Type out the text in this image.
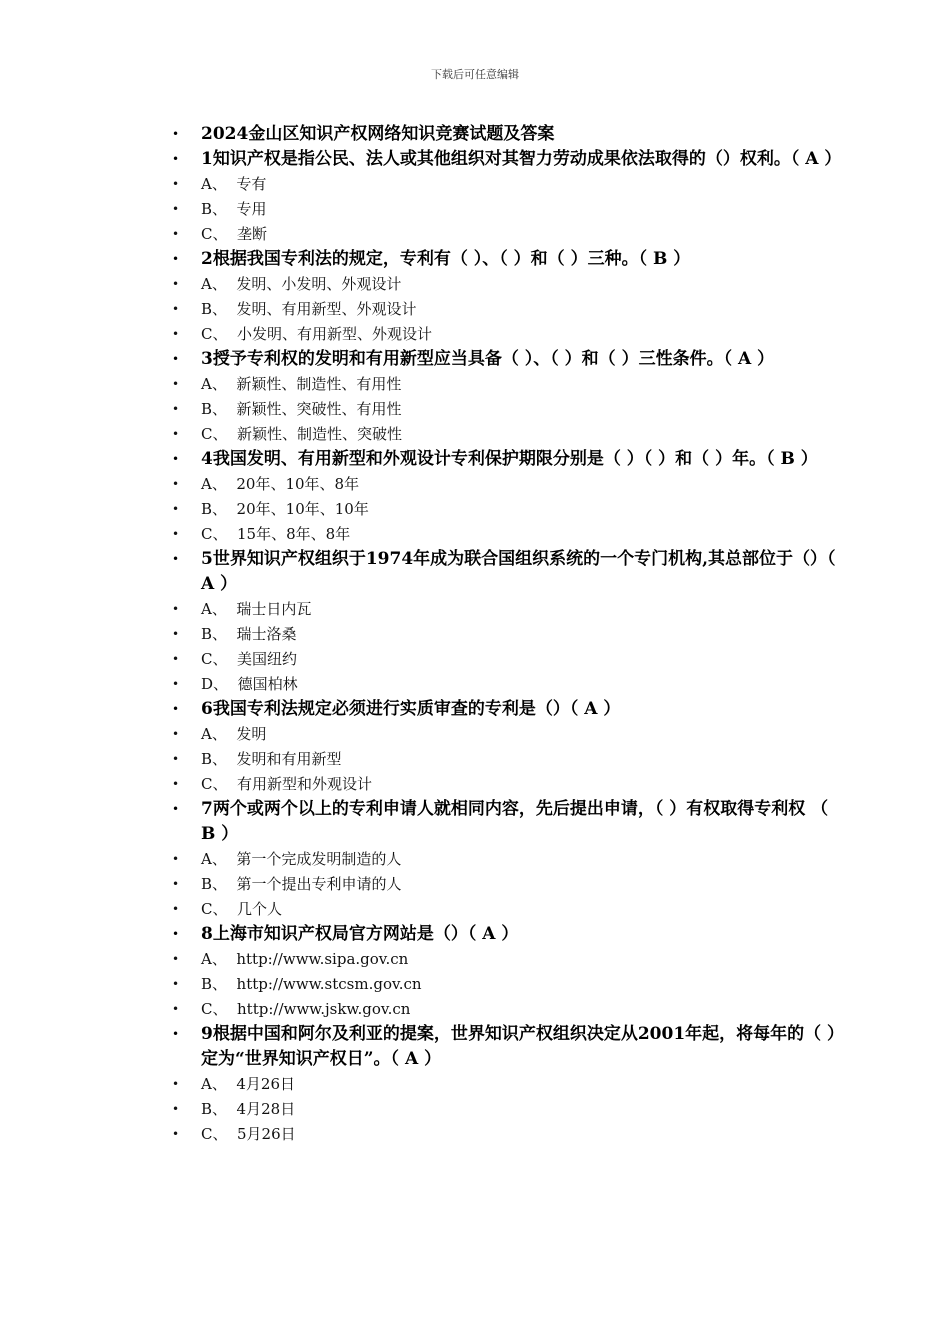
下载后可任意编辑
• 2024金山区知识产权网络知识竞赛试题及答案
• 1知识产权是指公民、法人或其他组织对其智力劳动成果依法取得的（）权利。（ A ）
• A、  专有
• B、  专用
• C、  垄断
• 2根据我国专利法的规定，专利有（ ）、（ ）和（ ）三种。（ B ）
• A、  发明、小发明、外观设计
• B、  发明、有用新型、外观设计
• C、  小发明、有用新型、外观设计
• 3授予专利权的发明和有用新型应当具备（ ）、（ ）和（ ）三性条件。（ A ）
• A、  新颖性、制造性、有用性
• B、  新颖性、突破性、有用性
• C、  新颖性、制造性、突破性
• 4我国发明、有用新型和外观设计专利保护期限分别是（ ）（ ）和（ ）年。（ B ）
• A、  20年、10年、8年
• B、  20年、10年、10年
• C、  15年、8年、8年
• 5世界知识产权组织于1974年成为联合国组织系统的一个专门机构,其总部位于（）（ A ）
• A、  瑞士日内瓦
• B、  瑞士洛桑
• C、  美国纽约
• D、  德国柏林
• 6我国专利法规定必须进行实质审查的专利是（）（ A ）
• A、  发明
• B、  发明和有用新型
• C、  有用新型和外观设计
• 7两个或两个以上的专利申请人就相同内容，先后提出申请，（ ）有权取得专利权 （ B ）
• A、  第一个完成发明制造的人
• B、  第一个提出专利申请的人
• C、  几个人
• 8上海市知识产权局官方网站是（）（ A ）
• A、  http://www.sipa.gov.cn
• B、  http://www.stcsm.gov.cn
• C、  http://www.jskw.gov.cn
• 9根据中国和阿尔及利亚的提案，世界知识产权组织决定从2001年起，将每年的（ ）定为“世界知识产权日”。（ A ）
• A、  4月26日
• B、  4月28日
• C、  5月26日
